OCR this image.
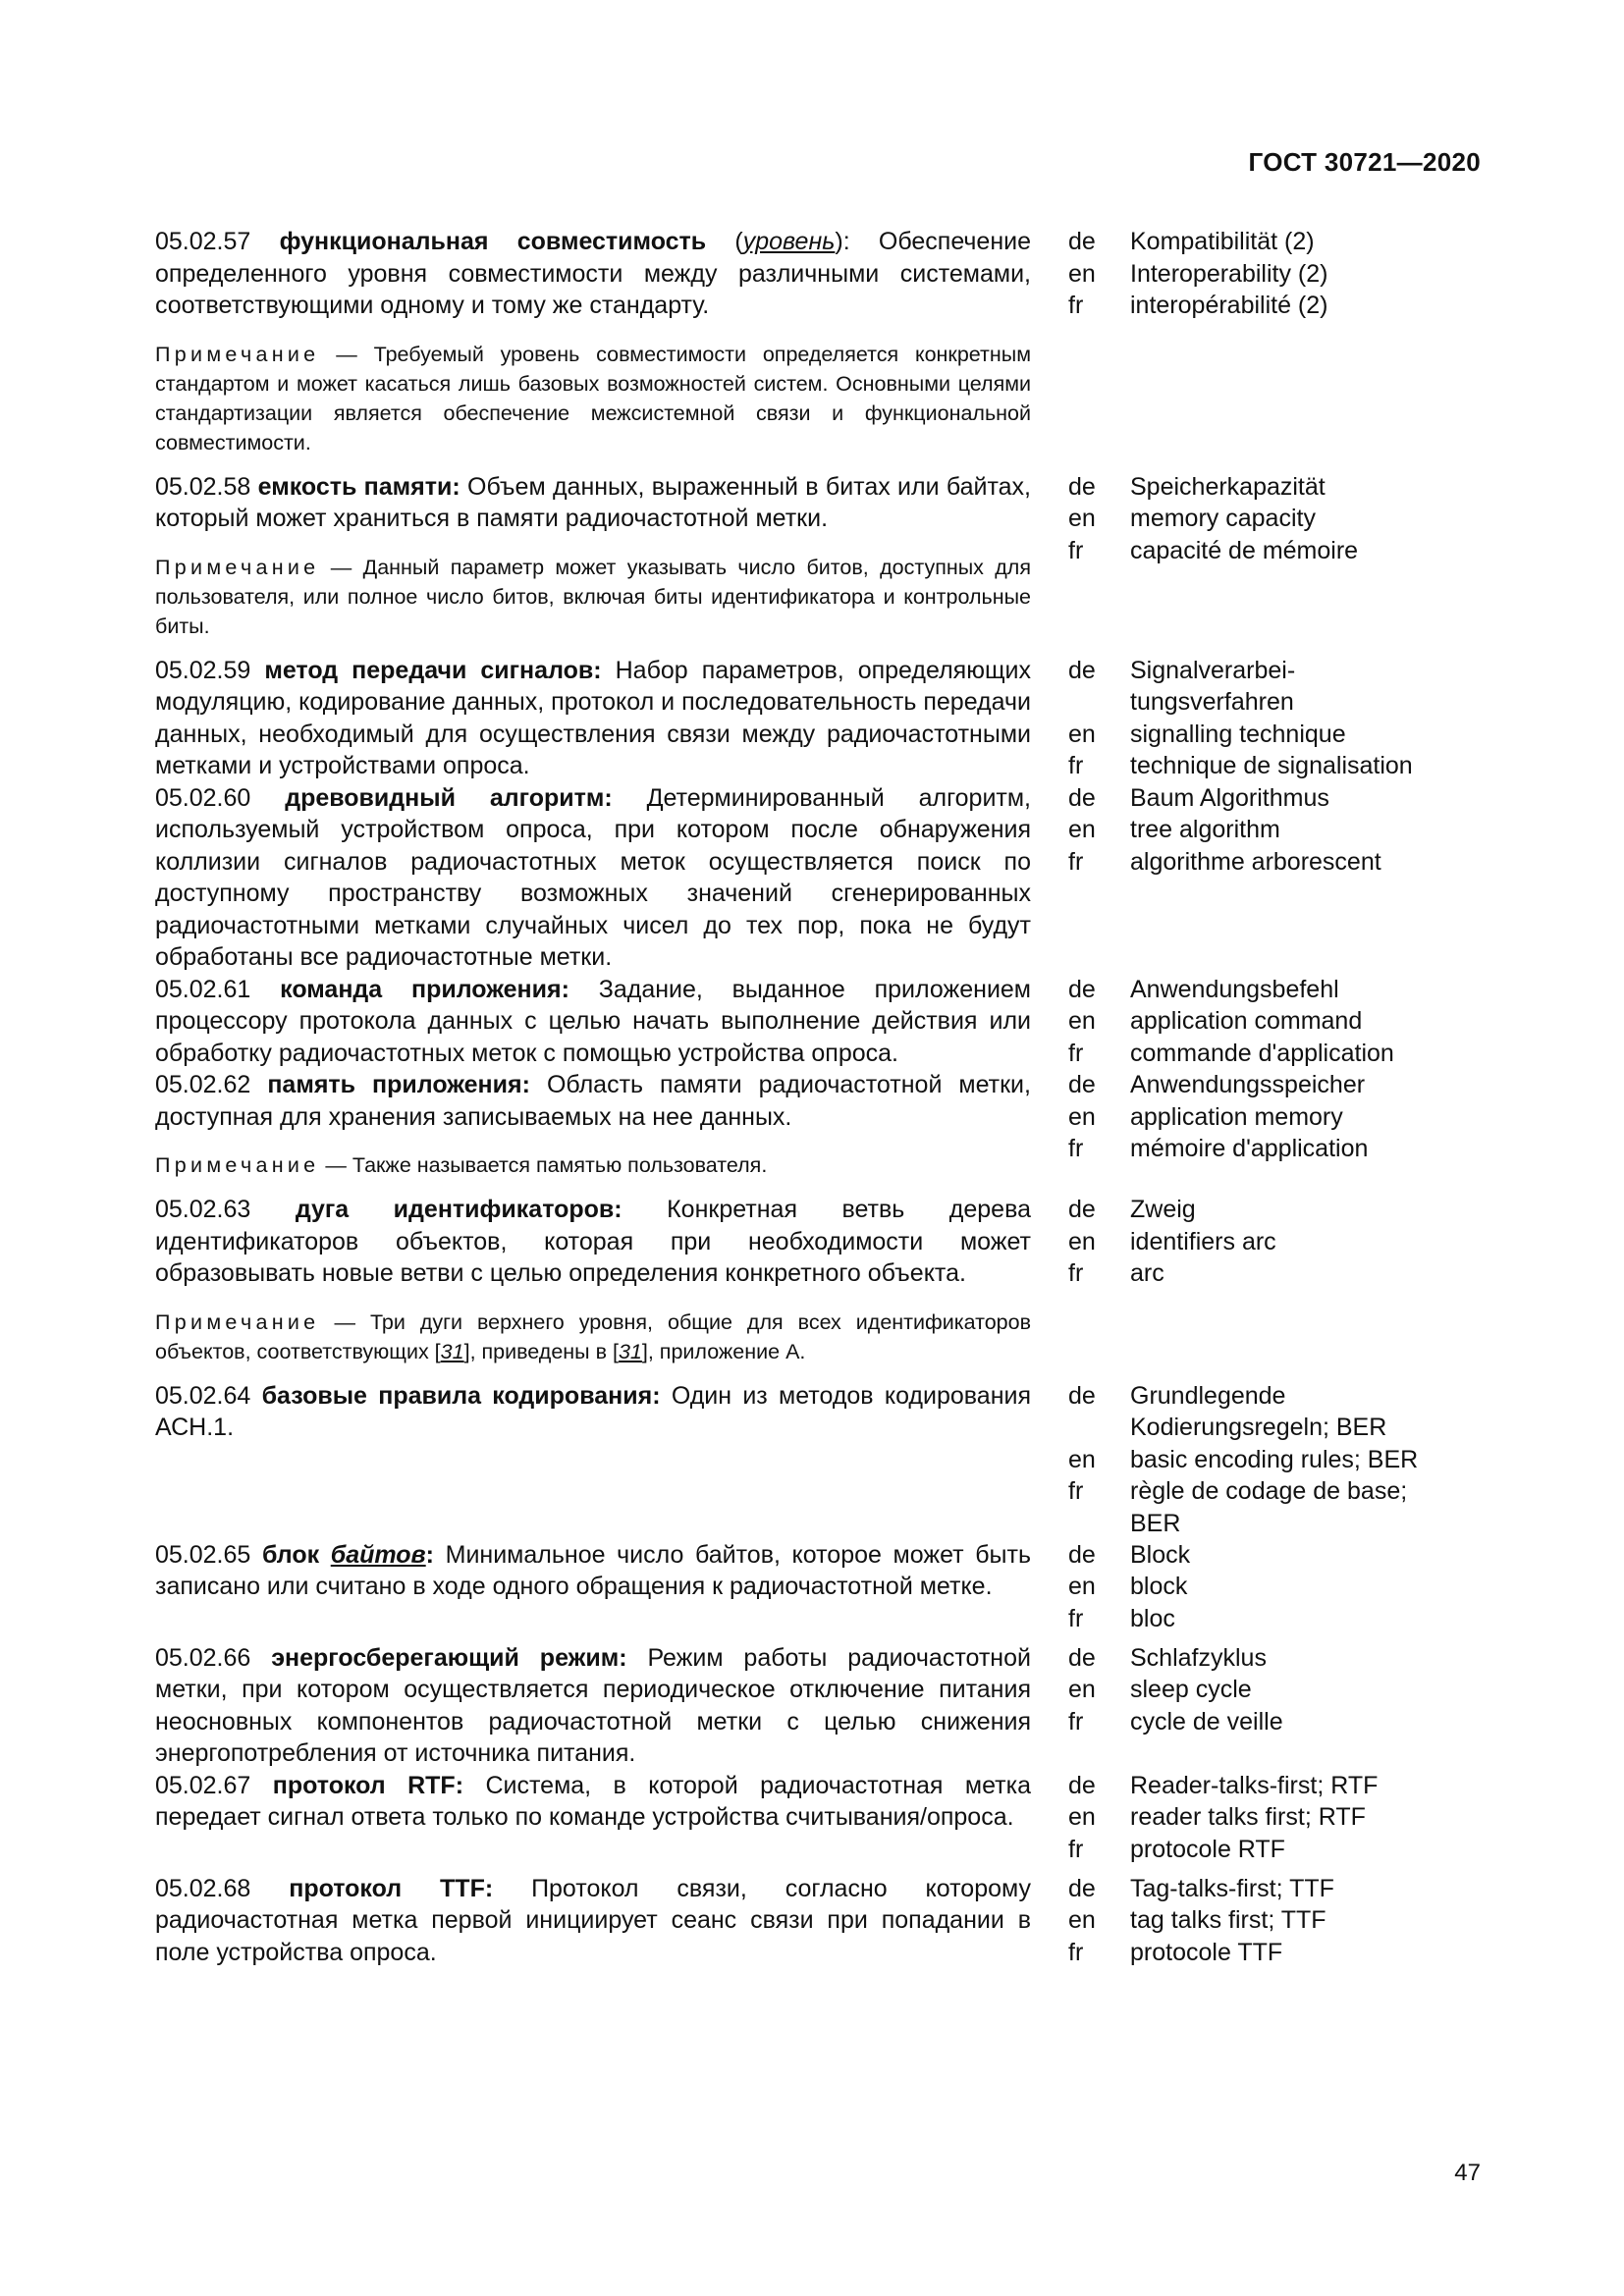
ГОСТ 30721—2020

05.02.57 функциональная совместимость (уровень): Обеспечение определенного уровня совместимости между различными системами, соответствующими одному и тому же стандарту.

Примечание — Требуемый уровень совместимости определяется конкретным стандартом и может касаться лишь базовых возможностей систем. Основными целями стандартизации является обеспечение межсистемной связи и функциональной совместимости.

de	Kompatibilität (2)
en	Interoperability (2)
fr	interopérabilité (2)

05.02.58 емкость памяти: Объем данных, выраженный в битах или байтах, который может храниться в памяти радиочастотной метки.

Примечание — Данный параметр может указывать число битов, доступных для пользователя, или полное число битов, включая биты идентификатора и контрольные биты.

de	Speicherkapazität
en	memory capacity
fr	capacité de mémoire

05.02.59 метод передачи сигналов: Набор параметров, определяющих модуляцию, кодирование данных, протокол и последовательность передачи данных, необходимый для осуществления связи между радиочастотными метками и устройствами опроса.

de	Signalverarbei-
tungsverfahren
en	signalling technique
fr	technique de signalisation

05.02.60 древовидный алгоритм: Детерминированный алгоритм, используемый устройством опроса, при котором после обнаружения коллизии сигналов радиочастотных меток осуществляется поиск по доступному пространству возможных значений сгенерированных радиочастотными метками случайных чисел до тех пор, пока не будут обработаны все радиочастотные метки.

de	Baum Algorithmus
en	tree algorithm
fr	algorithme arborescent

05.02.61 команда приложения: Задание, выданное приложением процессору протокола данных с целью начать выполнение действия или обработку радиочастотных меток с помощью устройства опроса.

de	Anwendungsbefehl
en	application command
fr	commande d'application

05.02.62 память приложения: Область памяти радиочастотной метки, доступная для хранения записываемых на нее данных.

Примечание — Также называется памятью пользователя.

de	Anwendungsspeicher
en	application memory
fr	mémoire d'application

05.02.63 дуга идентификаторов: Конкретная ветвь дерева идентификаторов объектов, которая при необходимости может образовывать новые ветви с целью определения конкретного объекта.

Примечание — Три дуги верхнего уровня, общие для всех идентификаторов объектов, соответствующих [31], приведены в [31], приложение А.

de	Zweig
en	identifiers arc
fr	arc

05.02.64 базовые правила кодирования: Один из методов кодирования АСН.1.

de	Grundlegende
Kodierungsregeln; BER
en	basic encoding rules; BER
fr	règle de codage de base;
BER

05.02.65 блок байтов: Минимальное число байтов, которое может быть записано или считано в ходе одного обращения к радиочастотной метке.

de	Block
en	block
fr	bloc

05.02.66 энергосберегающий режим: Режим работы радиочастотной метки, при котором осуществляется периодическое отключение питания неосновных компонентов радиочастотной метки с целью снижения энергопотребления от источника питания.

de	Schlafzyklus
en	sleep cycle
fr	cycle de veille

05.02.67 протокол RTF: Система, в которой радиочастотная метка передает сигнал ответа только по команде устройства считывания/опроса.

de	Reader-talks-first; RTF
en	reader talks first; RTF
fr	protocole RTF

05.02.68 протокол TTF: Протокол связи, согласно которому радиочастотная метка первой инициирует сеанс связи при попадании в поле устройства опроса.

de	Tag-talks-first; TTF
en	tag talks first; TTF
fr	protocole TTF
47
